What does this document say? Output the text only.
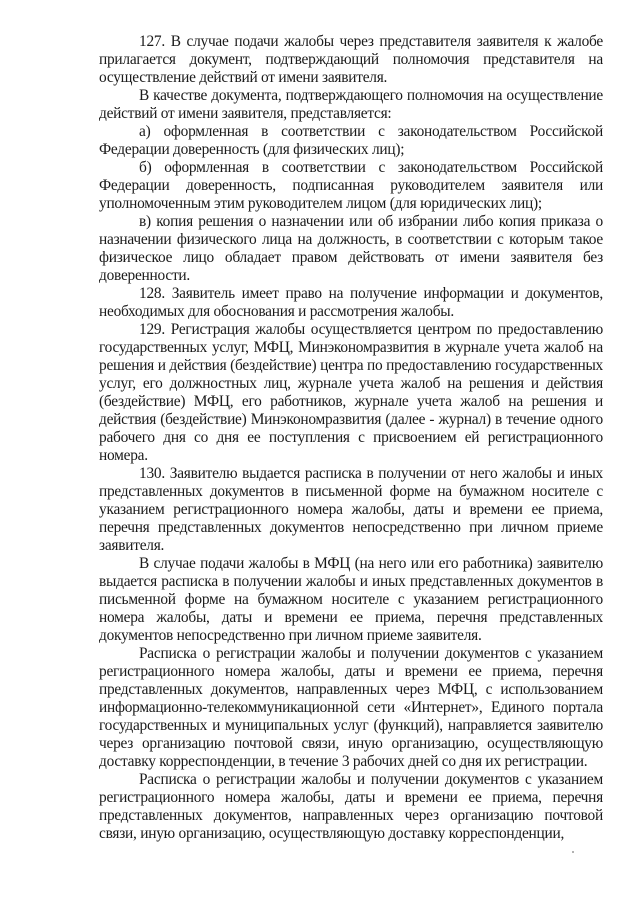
127. В случае подачи жалобы через представителя заявителя к жалобе прилагается документ, подтверждающий полномочия представителя на осуществление действий от имени заявителя.

В качестве документа, подтверждающего полномочия на осуществление действий от имени заявителя, представляется:

а) оформленная в соответствии с законодательством Российской Федерации доверенность (для физических лиц);

б) оформленная в соответствии с законодательством Российской Федерации доверенность, подписанная руководителем заявителя или уполномоченным этим руководителем лицом (для юридических лиц);

в) копия решения о назначении или об избрании либо копия приказа о назначении физического лица на должность, в соответствии с которым такое физическое лицо обладает правом действовать от имени заявителя без доверенности.

128. Заявитель имеет право на получение информации и документов, необходимых для обоснования и рассмотрения жалобы.

129. Регистрация жалобы осуществляется центром по предоставлению государственных услуг, МФЦ, Минэкономразвития в журнале учета жалоб на решения и действия (бездействие) центра по предоставлению государственных услуг, его должностных лиц, журнале учета жалоб на решения и действия (бездействие) МФЦ, его работников, журнале учета жалоб на решения и действия (бездействие) Минэкономразвития (далее - журнал) в течение одного рабочего дня со дня ее поступления с присвоением ей регистрационного номера.

130. Заявителю выдается расписка в получении от него жалобы и иных представленных документов в письменной форме на бумажном носителе с указанием регистрационного номера жалобы, даты и времени ее приема, перечня представленных документов непосредственно при личном приеме заявителя.

В случае подачи жалобы в МФЦ (на него или его работника) заявителю выдается расписка в получении жалобы и иных представленных документов в письменной форме на бумажном носителе с указанием регистрационного номера жалобы, даты и времени ее приема, перечня представленных документов непосредственно при личном приеме заявителя.

Расписка о регистрации жалобы и получении документов с указанием регистрационного номера жалобы, даты и времени ее приема, перечня представленных документов, направленных через МФЦ, с использованием информационно-телекоммуникационной сети «Интернет», Единого портала государственных и муниципальных услуг (функций), направляется заявителю через организацию почтовой связи, иную организацию, осуществляющую доставку корреспонденции, в течение 3 рабочих дней со дня их регистрации.

Расписка о регистрации жалобы и получении документов с указанием регистрационного номера жалобы, даты и времени ее приема, перечня представленных документов, направленных через организацию почтовой связи, иную организацию, осуществляющую доставку корреспонденции,
